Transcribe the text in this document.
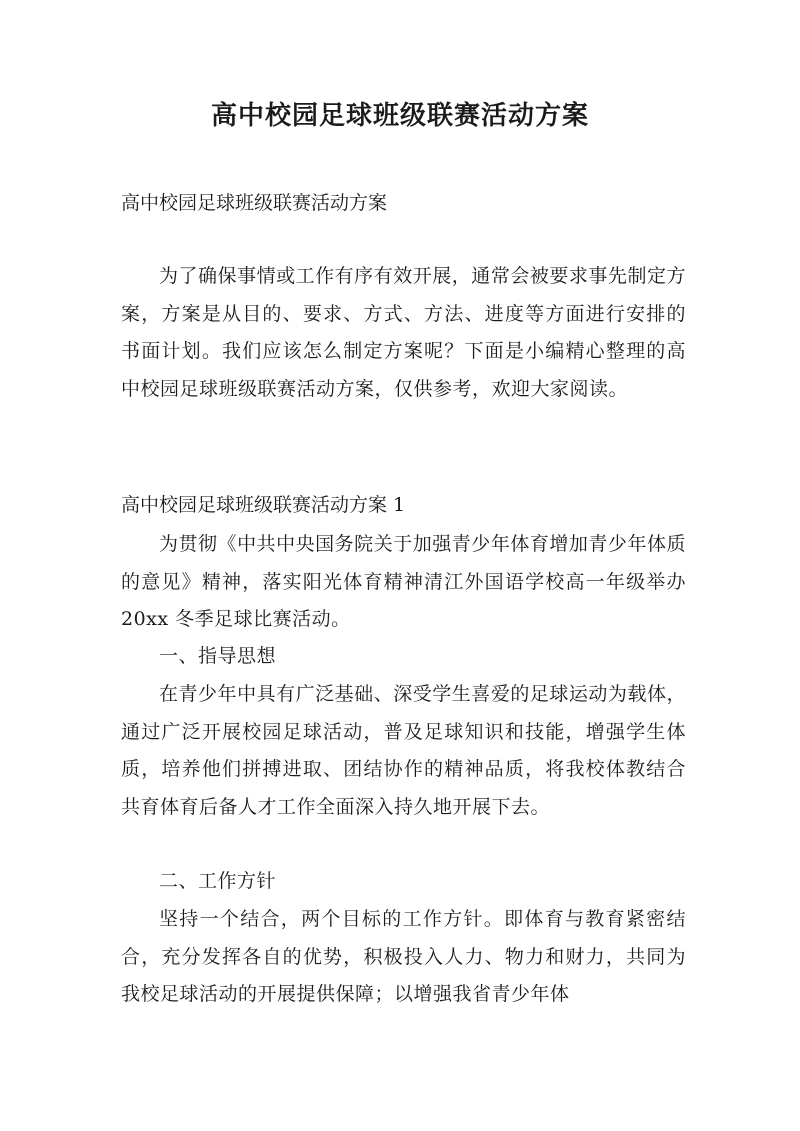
高中校园足球班级联赛活动方案

高中校园足球班级联赛活动方案

为了确保事情或工作有序有效开展，通常会被要求事先制定方案，方案是从目的、要求、方式、方法、进度等方面进行安排的书面计划。我们应该怎么制定方案呢？下面是小编精心整理的高中校园足球班级联赛活动方案，仅供参考，欢迎大家阅读。

高中校园足球班级联赛活动方案 1

为贯彻《中共中央国务院关于加强青少年体育增加青少年体质的意见》精神，落实阳光体育精神清江外国语学校高一年级举办 20xx 冬季足球比赛活动。

一、指导思想

在青少年中具有广泛基础、深受学生喜爱的足球运动为载体，通过广泛开展校园足球活动，普及足球知识和技能，增强学生体质，培养他们拼搏进取、团结协作的精神品质，将我校体教结合共育体育后备人才工作全面深入持久地开展下去。

二、工作方针

坚持一个结合，两个目标的工作方针。即体育与教育紧密结合，充分发挥各自的优势，积极投入人力、物力和财力，共同为我校足球活动的开展提供保障；以增强我省青少年体
